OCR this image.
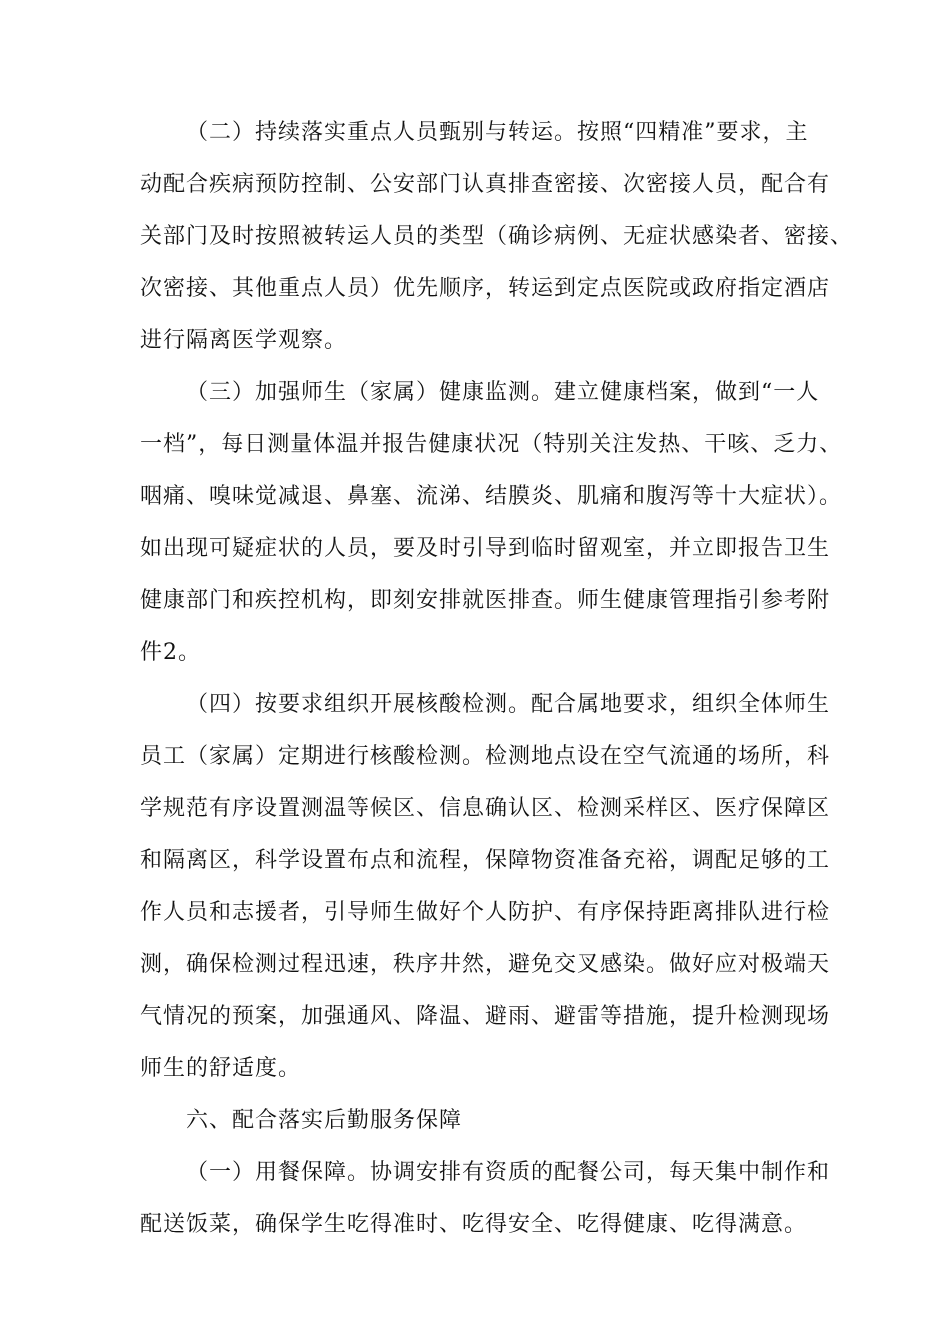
（二）持续落实重点人员甄别与转运。按照“四精准”要求，主
动配合疾病预防控制、公安部门认真排查密接、次密接人员，配合有
关部门及时按照被转运人员的类型（确诊病例、无症状感染者、密接、
次密接、其他重点人员）优先顺序，转运到定点医院或政府指定酒店
进行隔离医学观察。
（三）加强师生（家属）健康监测。建立健康档案，做到“一人
一档”，每日测量体温并报告健康状况（特别关注发热、干咳、乏力、
咽痛、嗅味觉减退、鼻塞、流涕、结膜炎、肌痛和腹泻等十大症状）。
如出现可疑症状的人员，要及时引导到临时留观室，并立即报告卫生
健康部门和疾控机构，即刻安排就医排查。师生健康管理指引参考附
件2。
（四）按要求组织开展核酸检测。配合属地要求，组织全体师生
员工（家属）定期进行核酸检测。检测地点设在空气流通的场所，科
学规范有序设置测温等候区、信息确认区、检测采样区、医疗保障区
和隔离区，科学设置布点和流程，保障物资准备充裕，调配足够的工
作人员和志援者，引导师生做好个人防护、有序保持距离排队进行检
测，确保检测过程迅速，秩序井然，避免交叉感染。做好应对极端天
气情况的预案，加强通风、降温、避雨、避雷等措施，提升检测现场
师生的舒适度。
六、配合落实后勤服务保障
（一）用餐保障。协调安排有资质的配餐公司，每天集中制作和
配送饭菜，确保学生吃得准时、吃得安全、吃得健康、吃得满意。
